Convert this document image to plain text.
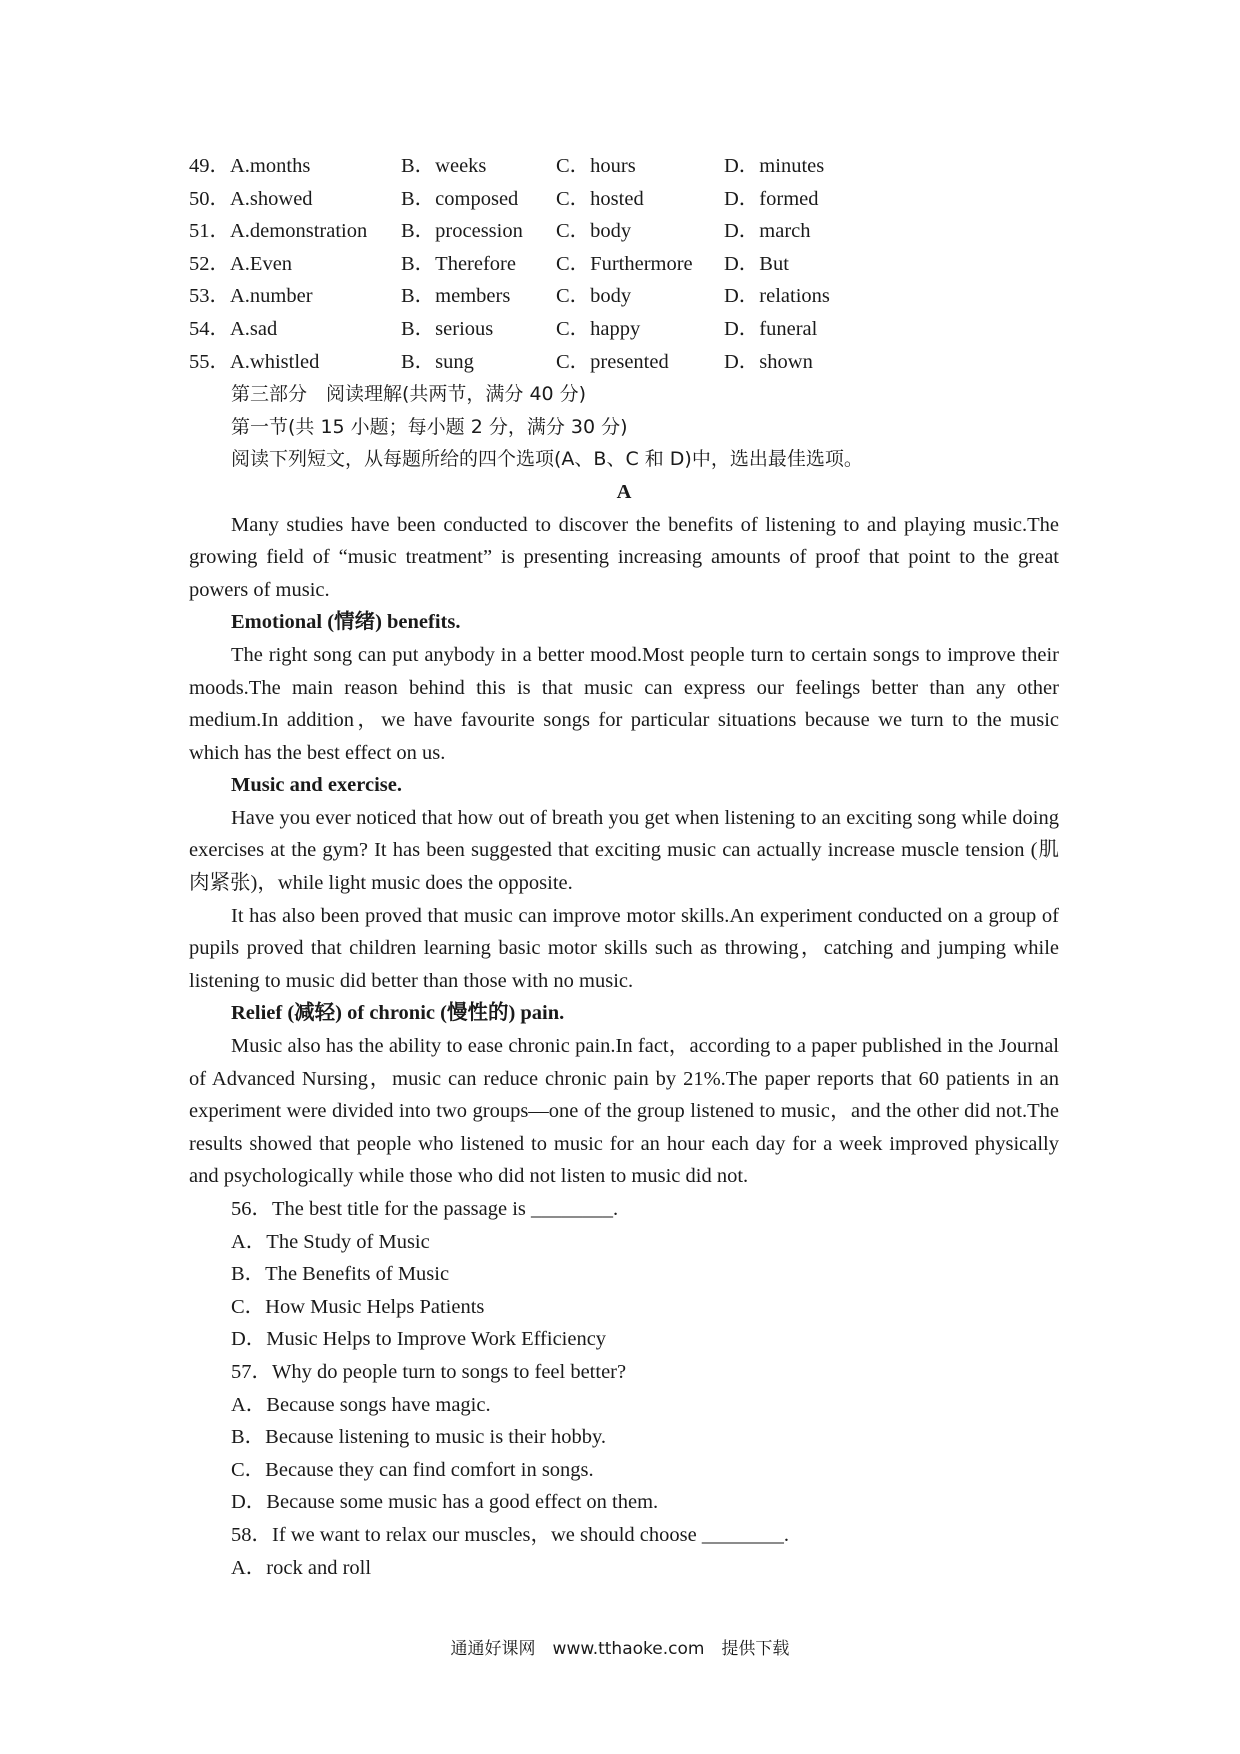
49．A.months	B．weeks	C．hours	D．minutes
50．A.showed	B．composed	C．hosted	D．formed
51．A.demonstration	B．procession	C．body	D．march
52．A.Even	B．Therefore	C．Furthermore	D．But
53．A.number	B．members	C．body	D．relations
54．A.sad	B．serious	C．happy	D．funeral
55．A.whistled	B．sung	C．presented	D．shown
第三部分　阅读理解(共两节，满分 40 分)
第一节(共 15 小题；每小题 2 分，满分 30 分)
阅读下列短文，从每题所给的四个选项(A、B、C 和 D)中，选出最佳选项。
A
Many studies have been conducted to discover the benefits of listening to and playing music.The growing field of “music treatment” is presenting increasing amounts of proof that point to the great powers of music.
Emotional (情绪) benefits.
The right song can put anybody in a better mood.Most people turn to certain songs to improve their moods.The main reason behind this is that music can express our feelings better than any other medium.In addition，we have favourite songs for particular situations because we turn to the music which has the best effect on us.
Music and exercise.
Have you ever noticed that how out of breath you get when listening to an exciting song while doing exercises at the gym? It has been suggested that exciting music can actually increase muscle tension (肌肉紧张)，while light music does the opposite.
It has also been proved that music can improve motor skills.An experiment conducted on a group of pupils proved that children learning basic motor skills such as throwing，catching and jumping while listening to music did better than those with no music.
Relief (减轻) of chronic (慢性的) pain.
Music also has the ability to ease chronic pain.In fact，according to a paper published in the Journal of Advanced Nursing，music can reduce chronic pain by 21%.The paper reports that 60 patients in an experiment were divided into two groups—one of the group listened to music，and the other did not.The results showed that people who listened to music for an hour each day for a week improved physically and psychologically while those who did not listen to music did not.
56．The best title for the passage is ________.
A．The Study of Music
B．The Benefits of Music
C．How Music Helps Patients
D．Music Helps to Improve Work Efficiency
57．Why do people turn to songs to feel better?
A．Because songs have magic.
B．Because listening to music is their hobby.
C．Because they can find comfort in songs.
D．Because some music has a good effect on them.
58．If we want to relax our muscles，we should choose ________.
A．rock and roll
通通好课网　www.tthaoke.com　提供下载
